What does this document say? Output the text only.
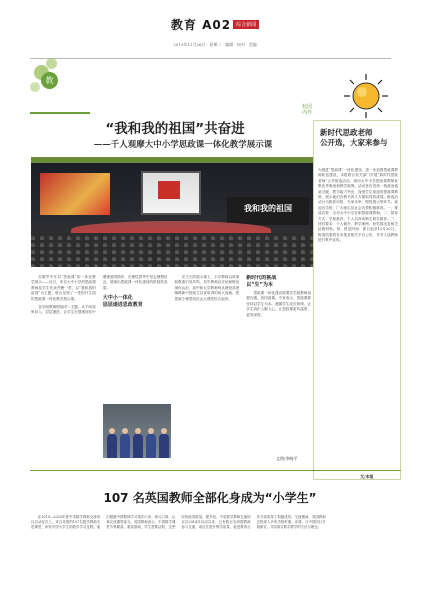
教育 A02 综合新闻
2019年11月26日 · 星期二 · 编辑 · 校对 · 美编
教
“我和我的祖国”共奋进
——千人观摩大中小学思政课一体化教学展示课
我和我的祖国
校园内外
新时代思政老师
公开选，大家来参与
为推进“思政课”一体化建设，进一步加强思政课教师队伍建设，本报联合有关部门开展“新时代思政老师”公开推选活动，面向大中小学思政课教师征集优秀事迹和教学案例。活动旨在发现一批政治素质过硬、教学能力突出、深受学生欢迎的思政课教师，展示他们在教书育人方面取得的成绩。推选活动分为推荐申报、专家评审、网络展示等环节。欢迎各学校、广大师生及社会各界积极推荐。一、推选对象：全市大中小学在职思政课教师。二、推荐方式：学校推荐、个人自荐或师生联名推荐。三、材料要求：个人简介、教学案例、获奖情况及相关证明材料。四、报送时间：即日起至12月20日。推选结果将在本报及相关平台公布，并对入选教师进行集中宣传。
文/本报

在歌声中开启“思政课”的一体化教学展示——近日，来自大中小学的思政课教师及学生代表齐聚一堂，以“我和我的祖国”为主题，联合呈现了一堂别开生面的思政课一体化教学展示课。

各学段教师围绕同一主题，从不同视角切入，层层递进，让学生在情感体验中增强爱国情怀，在理性思考中坚定理想信念，展现出思政课一体化建设的阶段性成果。

大中小一体化
层层递进思政教育

在当天的展示课上，小学教师以故事和歌曲引发共鸣，初中教师以讨论和辩论深化认识，高中和大学教师则从理论高度阐释新中国成立以来取得的伟大成就，把思政小课堂同社会大课堂结合起来。

新时代的挑战
以“生”为本

思政课一体化建设需要各学段教师加强沟通、协同备课。专家表示，思政课要坚持以学生为本，遵循学生成长规律，让学生真正入脑入心，让思政课更有温度、更有深度。

文图/李晓平
107 名英国教师全部化身成为“小学生”

在2019—2020年度中英数学教师交流项目启动仪式上，来自英国的107名数学教师走进课堂，体验中国小学生的数学学习过程。他们跟随中国教师学习乘法口诀、练习口算，认真完成课堂练习。英国教师表示，中国数学课堂节奏紧凑、重视基础，学生思维活跃，这些经验值得借鉴。据介绍，中英数学教师交流项目自2014年启动以来，已有数百名两国教师参与交流，项目在提升教学质量、促进教育合作方面取得了积极成效。交流期间，英国教师还将深入多所学校听课、评课，与中国同行开展研讨，共同探讨数学教学的方法与理念。
